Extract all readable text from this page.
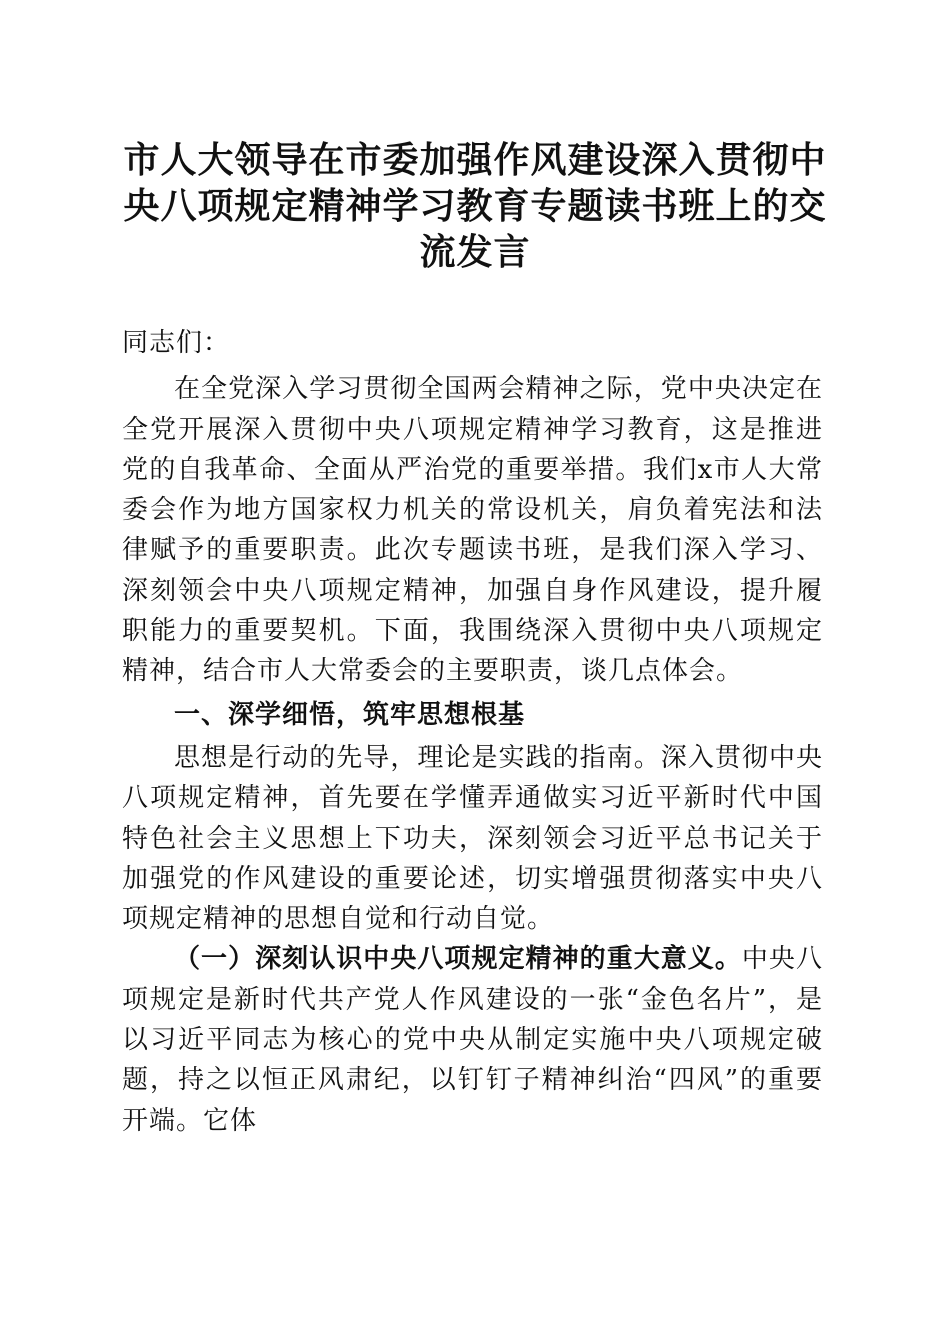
市人大领导在市委加强作风建设深入贯彻中央八项规定精神学习教育专题读书班上的交流发言

同志们：

在全党深入学习贯彻全国两会精神之际，党中央决定在全党开展深入贯彻中央八项规定精神学习教育，这是推进党的自我革命、全面从严治党的重要举措。我们x市人大常委会作为地方国家权力机关的常设机关，肩负着宪法和法律赋予的重要职责。此次专题读书班，是我们深入学习、深刻领会中央八项规定精神，加强自身作风建设，提升履职能力的重要契机。下面，我围绕深入贯彻中央八项规定精神，结合市人大常委会的主要职责，谈几点体会。

一、深学细悟，筑牢思想根基

思想是行动的先导，理论是实践的指南。深入贯彻中央八项规定精神，首先要在学懂弄通做实习近平新时代中国特色社会主义思想上下功夫，深刻领会习近平总书记关于加强党的作风建设的重要论述，切实增强贯彻落实中央八项规定精神的思想自觉和行动自觉。

（一）深刻认识中央八项规定精神的重大意义。中央八项规定是新时代共产党人作风建设的一张“金色名片”，是以习近平同志为核心的党中央从制定实施中央八项规定破题，持之以恒正风肃纪，以钉钉子精神纠治“四风”的重要开端。它体
